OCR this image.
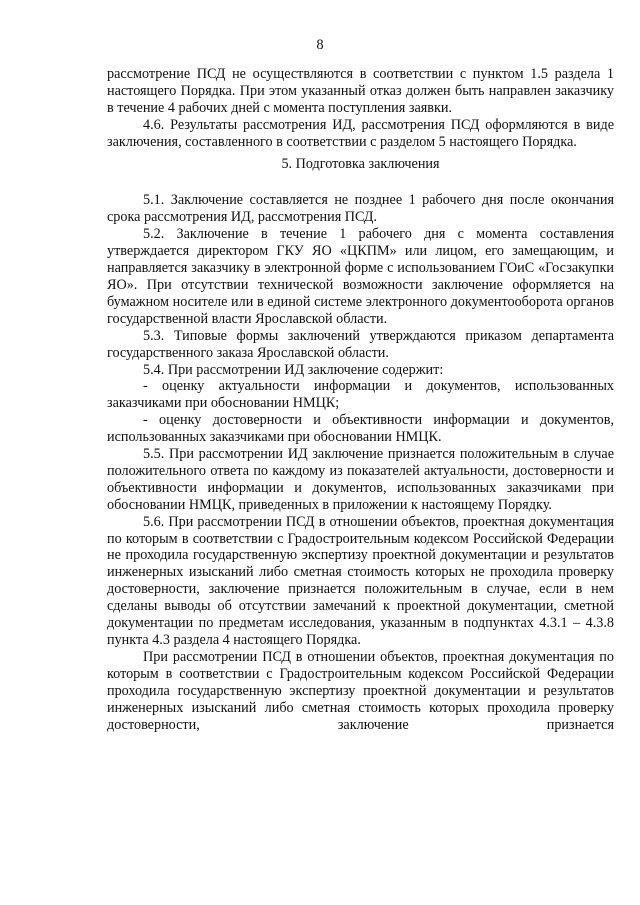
8

рассмотрение ПСД не осуществляются в соответствии с пунктом 1.5 раздела 1 настоящего Порядка. При этом указанный отказ должен быть направлен заказчику в течение 4 рабочих дней с момента поступления заявки.

4.6. Результаты рассмотрения ИД, рассмотрения ПСД оформляются в виде заключения, составленного в соответствии с разделом 5 настоящего Порядка.

5. Подготовка заключения

5.1. Заключение составляется не позднее 1 рабочего дня после окончания срока рассмотрения ИД, рассмотрения ПСД.

5.2. Заключение в течение 1 рабочего дня с момента составления утверждается директором ГКУ ЯО «ЦКПМ» или лицом, его замещающим, и направляется заказчику в электронной форме с использованием ГОиС «Госзакупки ЯО». При отсутствии технической возможности заключение оформляется на бумажном носителе или в единой системе электронного документооборота органов государственной власти Ярославской области.

5.3. Типовые формы заключений утверждаются приказом департамента государственного заказа Ярославской области.

5.4. При рассмотрении ИД заключение содержит:

- оценку актуальности информации и документов, использованных заказчиками при обосновании НМЦК;

- оценку достоверности и объективности информации и документов, использованных заказчиками при обосновании НМЦК.

5.5. При рассмотрении ИД заключение признается положительным в случае положительного ответа по каждому из показателей актуальности, достоверности и объективности информации и документов, использованных заказчиками при обосновании НМЦК, приведенных в приложении к настоящему Порядку.

5.6. При рассмотрении ПСД в отношении объектов, проектная документация по которым в соответствии с Градостроительным кодексом Российской Федерации не проходила государственную экспертизу проектной документации и результатов инженерных изысканий либо сметная стоимость которых не проходила проверку достоверности, заключение признается положительным в случае, если в нем сделаны выводы об отсутствии замечаний к проектной документации, сметной документации по предметам исследования, указанным в подпунктах 4.3.1 – 4.3.8 пункта 4.3 раздела 4 настоящего Порядка.

При рассмотрении ПСД в отношении объектов, проектная документация по которым в соответствии с Градостроительным кодексом Российской Федерации проходила государственную экспертизу проектной документации и результатов инженерных изысканий либо сметная стоимость которых проходила проверку достоверности, заключение признается
